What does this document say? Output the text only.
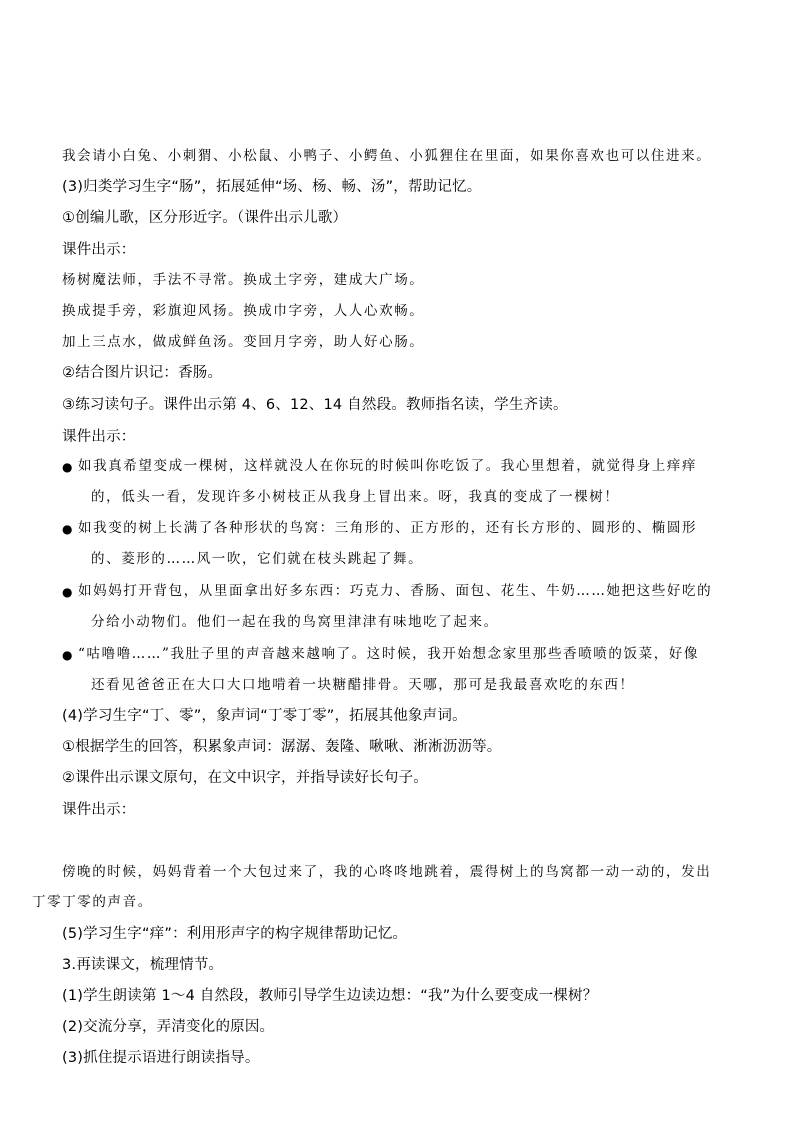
我会请小白兔、小刺猬、小松鼠、小鸭子、小鳄鱼、小狐狸住在里面，如果你喜欢也可以住进来。
(3)归类学习生字“肠”，拓展延伸“场、杨、畅、汤”，帮助记忆。
①创编儿歌，区分形近字。（课件出示儿歌）
课件出示：
杨树魔法师，手法不寻常。换成土字旁，建成大广场。
换成提手旁，彩旗迎风扬。换成巾字旁，人人心欢畅。
加上三点水，做成鲜鱼汤。变回月字旁，助人好心肠。
②结合图片识记：香肠。
③练习读句子。课件出示第 4、6、12、14 自然段。教师指名读，学生齐读。
课件出示：
● 如我真希望变成一棵树，这样就没人在你玩的时候叫你吃饭了。我心里想着，就觉得身上痒痒
的，低头一看，发现许多小树枝正从我身上冒出来。呀，我真的变成了一棵树！
● 如我变的树上长满了各种形状的鸟窝：三角形的、正方形的，还有长方形的、圆形的、椭圆形
的、菱形的……风一吹，它们就在枝头跳起了舞。
● 如妈妈打开背包，从里面拿出好多东西：巧克力、香肠、面包、花生、牛奶……她把这些好吃的
分给小动物们。他们一起在我的鸟窝里津津有味地吃了起来。
● “咕噜噜……”我肚子里的声音越来越响了。这时候，我开始想念家里那些香喷喷的饭菜，好像
还看见爸爸正在大口大口地啃着一块糖醋排骨。天哪，那可是我最喜欢吃的东西！
(4)学习生字“丁、零”，象声词“丁零丁零”，拓展其他象声词。
①根据学生的回答，积累象声词：潺潺、轰隆、啾啾、淅淅沥沥等。
②课件出示课文原句，在文中识字，并指导读好长句子。
课件出示：
傍晚的时候，妈妈背着一个大包过来了，我的心咚咚地跳着，震得树上的鸟窝都一动一动的，发出
丁零丁零的声音。
(5)学习生字“痒”：利用形声字的构字规律帮助记忆。
3.再读课文，梳理情节。
(1)学生朗读第 1～4 自然段，教师引导学生边读边想：“我”为什么要变成一棵树？
(2)交流分享，弄清变化的原因。
(3)抓住提示语进行朗读指导。
